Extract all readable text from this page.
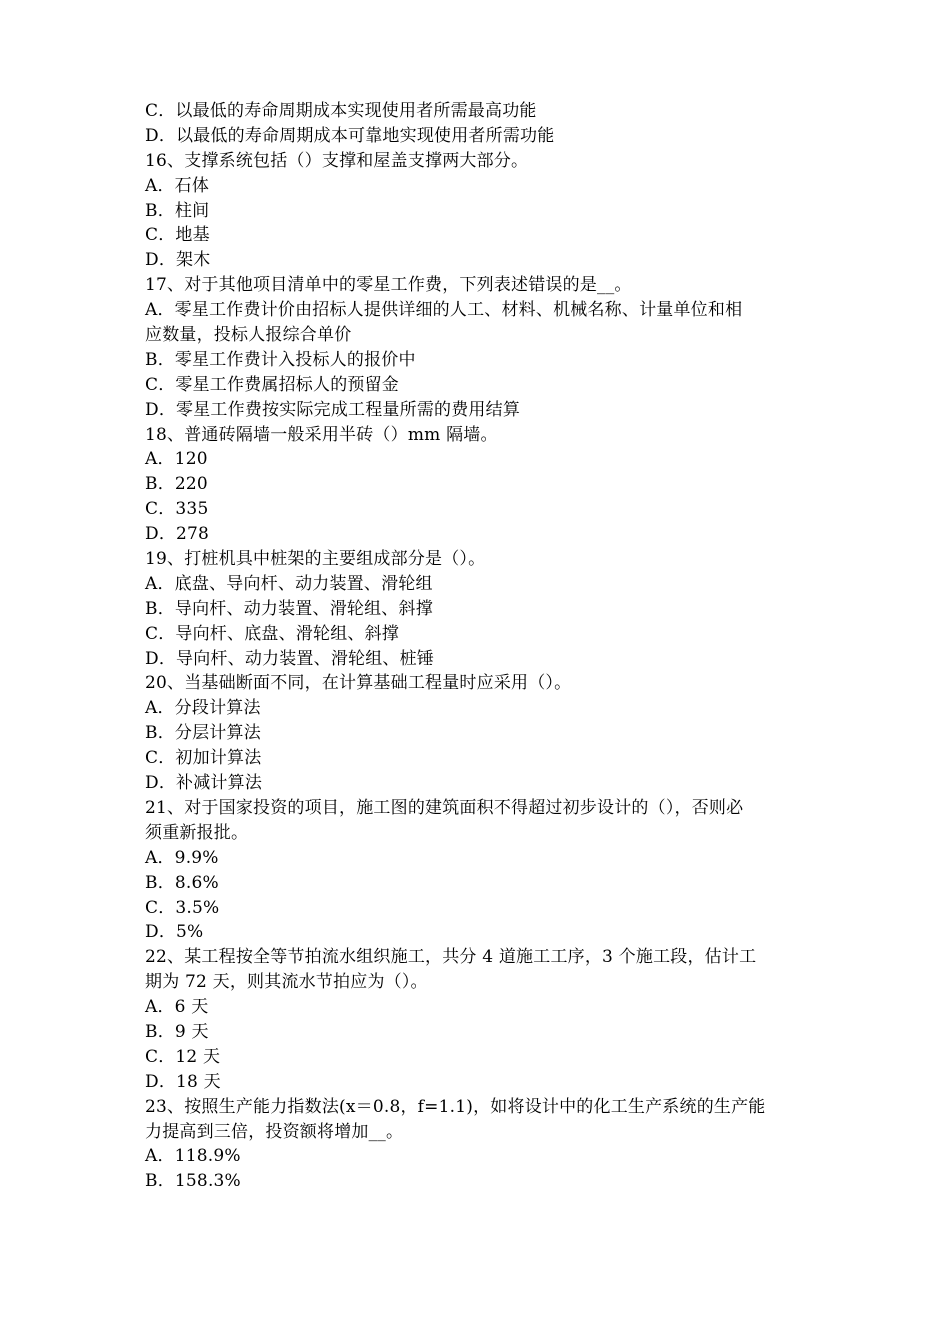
C．以最低的寿命周期成本实现使用者所需最高功能
D．以最低的寿命周期成本可靠地实现使用者所需功能
16、支撑系统包括（）支撑和屋盖支撑两大部分。
A．石体
B．柱间
C．地基
D．架木
17、对于其他项目清单中的零星工作费，下列表述错误的是__。
A．零星工作费计价由招标人提供详细的人工、材料、机械名称、计量单位和相
应数量，投标人报综合单价
B．零星工作费计入投标人的报价中
C．零星工作费属招标人的预留金
D．零星工作费按实际完成工程量所需的费用结算
18、普通砖隔墙一般采用半砖（）mm 隔墙。
A．120
B．220
C．335
D．278
19、打桩机具中桩架的主要组成部分是（）。
A．底盘、导向杆、动力装置、滑轮组
B．导向杆、动力装置、滑轮组、斜撑
C．导向杆、底盘、滑轮组、斜撑
D．导向杆、动力装置、滑轮组、桩锤
20、当基础断面不同，在计算基础工程量时应采用（）。
A．分段计算法
B．分层计算法
C．初加计算法
D．补减计算法
21、对于国家投资的项目，施工图的建筑面积不得超过初步设计的（），否则必
须重新报批。
A．9.9%
B．8.6%
C．3.5%
D．5%
22、某工程按全等节拍流水组织施工，共分 4 道施工工序，3 个施工段，估计工
期为 72 天，则其流水节拍应为（）。
A．6 天
B．9 天
C．12 天
D．18 天
23、按照生产能力指数法(x＝0.8，f=1.1)，如将设计中的化工生产系统的生产能
力提高到三倍，投资额将增加__。
A．118.9%
B．158.3%
